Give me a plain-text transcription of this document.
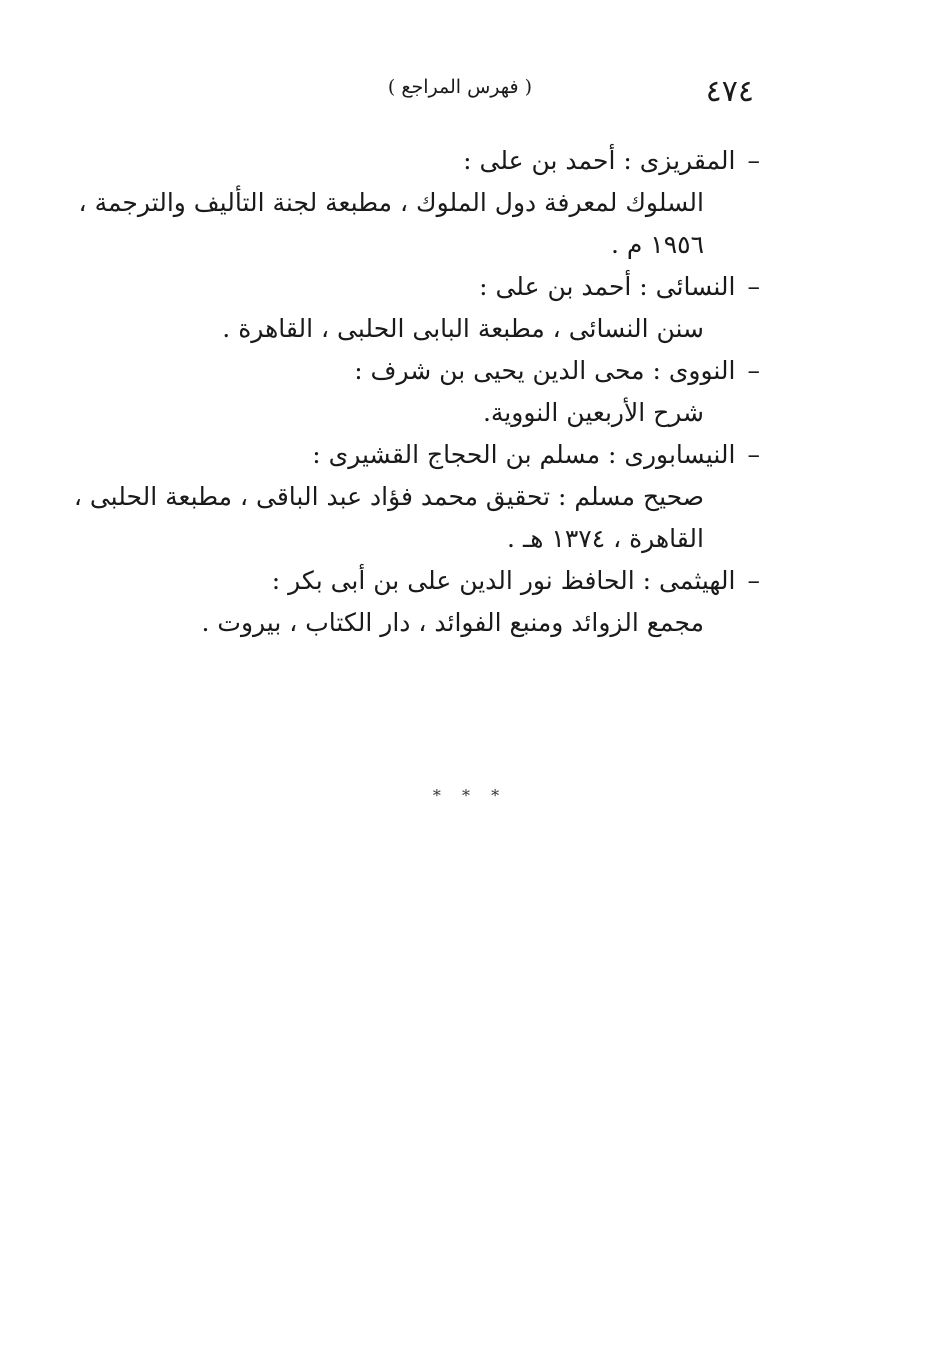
٤٧٤
( فهرس المراجع )
–المقريزى : أحمد بن على :
السلوك لمعرفة دول الملوك ، مطبعة لجنة التأليف والترجمة ،
١٩٥٦ م .
–النسائى : أحمد بن على :
سنن النسائى ، مطبعة البابى الحلبى ، القاهرة .
–النووى : محى الدين يحيى بن شرف :
شرح الأربعين النووية.
–النيسابورى : مسلم بن الحجاج القشيرى :
صحيح مسلم : تحقيق محمد فؤاد عبد الباقى ، مطبعة الحلبى ،
القاهرة ، ١٣٧٤ هـ .
–الهيثمى : الحافظ نور الدين على بن أبى بكر :
مجمع الزوائد ومنبع الفوائد ، دار الكتاب ، بيروت .
* * *
